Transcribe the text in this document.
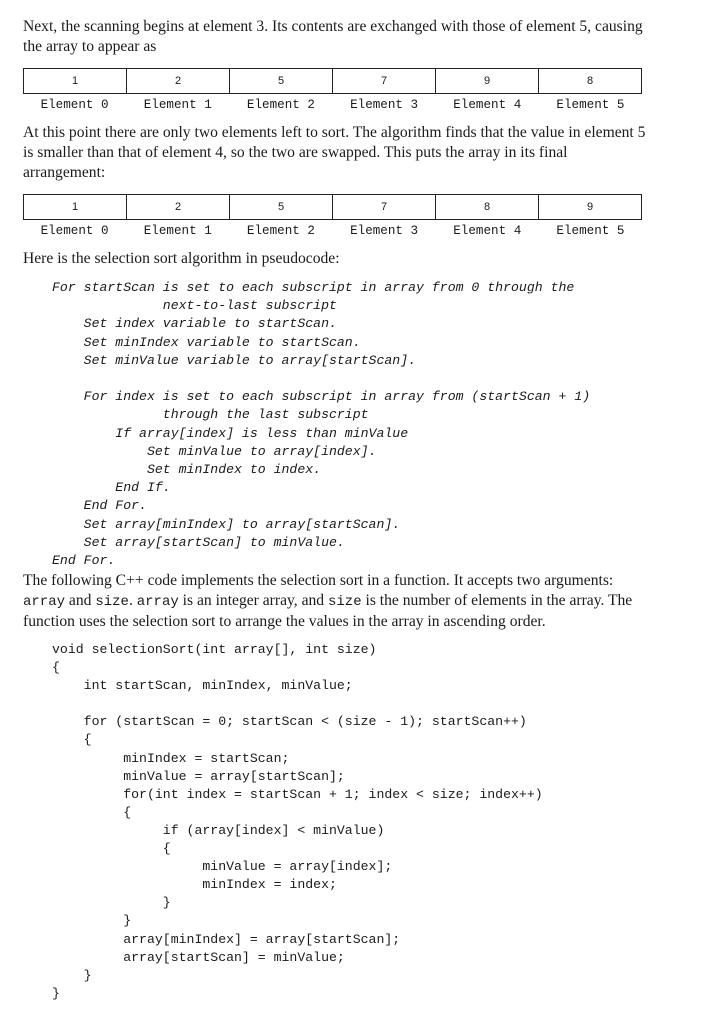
Next, the scanning begins at element 3. Its contents are exchanged with those of element 5, causing the array to appear as

1	2	5	7	9	8
Element 0	Element 1	Element 2	Element 3	Element 4	Element 5

At this point there are only two elements left to sort. The algorithm finds that the value in element 5 is smaller than that of element 4, so the two are swapped. This puts the array in its final arrangement:

1	2	5	7	8	9
Element 0	Element 1	Element 2	Element 3	Element 4	Element 5

Here is the selection sort algorithm in pseudocode:

For startScan is set to each subscript in array from 0 through the
next-to-last subscript
Set index variable to startScan.
Set minIndex variable to startScan.
Set minValue variable to array[startScan].

For index is set to each subscript in array from (startScan + 1)
through the last subscript
If array[index] is less than minValue
Set minValue to array[index].
Set minIndex to index.
End If.
End For.
Set array[minIndex] to array[startScan].
Set array[startScan] to minValue.
End For.

The following C++ code implements the selection sort in a function. It accepts two arguments: array and size. array is an integer array, and size is the number of elements in the array. The function uses the selection sort to arrange the values in the array in ascending order.

void selectionSort(int array[], int size)
{
int startScan, minIndex, minValue;

for (startScan = 0; startScan < (size - 1); startScan++)
{
minIndex = startScan;
minValue = array[startScan];
for(int index = startScan + 1; index < size; index++)
{
if (array[index] < minValue)
{
minValue = array[index];
minIndex = index;
}
}
array[minIndex] = array[startScan];
array[startScan] = minValue;
}
}
